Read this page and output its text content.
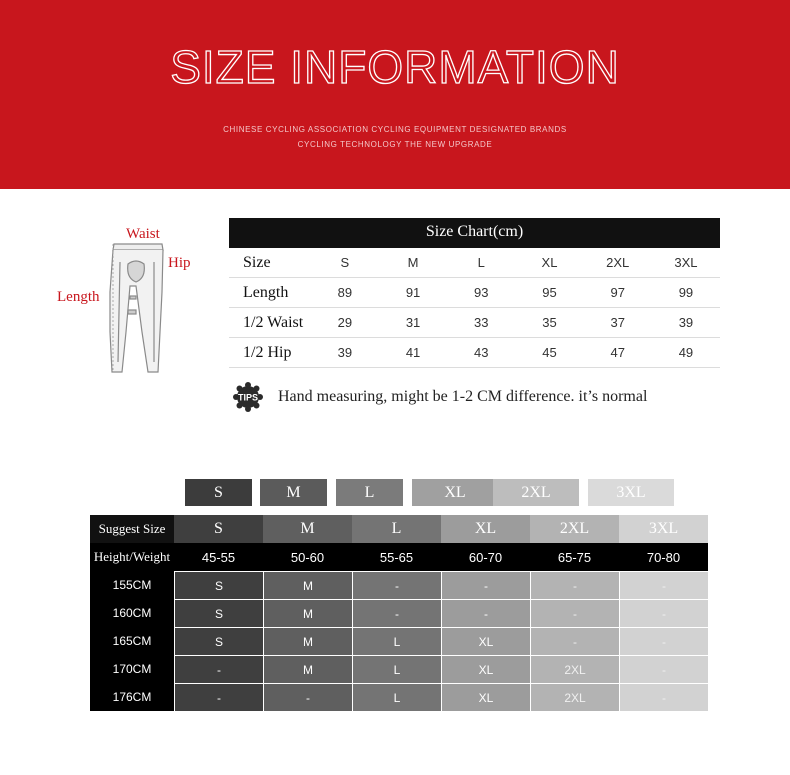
SIZE INFORMATION
CHINESE CYCLING ASSOCIATION CYCLING EQUIPMENT DESIGNATED BRANDS
CYCLING TECHNOLOGY THE NEW UPGRADE
Waist
Hip
Length
Size Chart(cm)
Size	S	M	L	XL	2XL	3XL
Length	89	91	93	95	97	99
1/2 Waist	29	31	33	35	37	39
1/2 Hip	39	41	43	45	47	49
TIPS Hand measuring, might be 1-2 CM difference. it’s normal
S	M	L	XL	2XL	3XL
Suggest Size	S	M	L	XL	2XL	3XL
Height/Weight	45-55	50-60	55-65	60-70	65-75	70-80
155CM	S	M	-	-	-	-
160CM	S	M	-	-	-	-
165CM	S	M	L	XL	-	-
170CM	-	M	L	XL	2XL	-
176CM	-	-	L	XL	2XL	-
